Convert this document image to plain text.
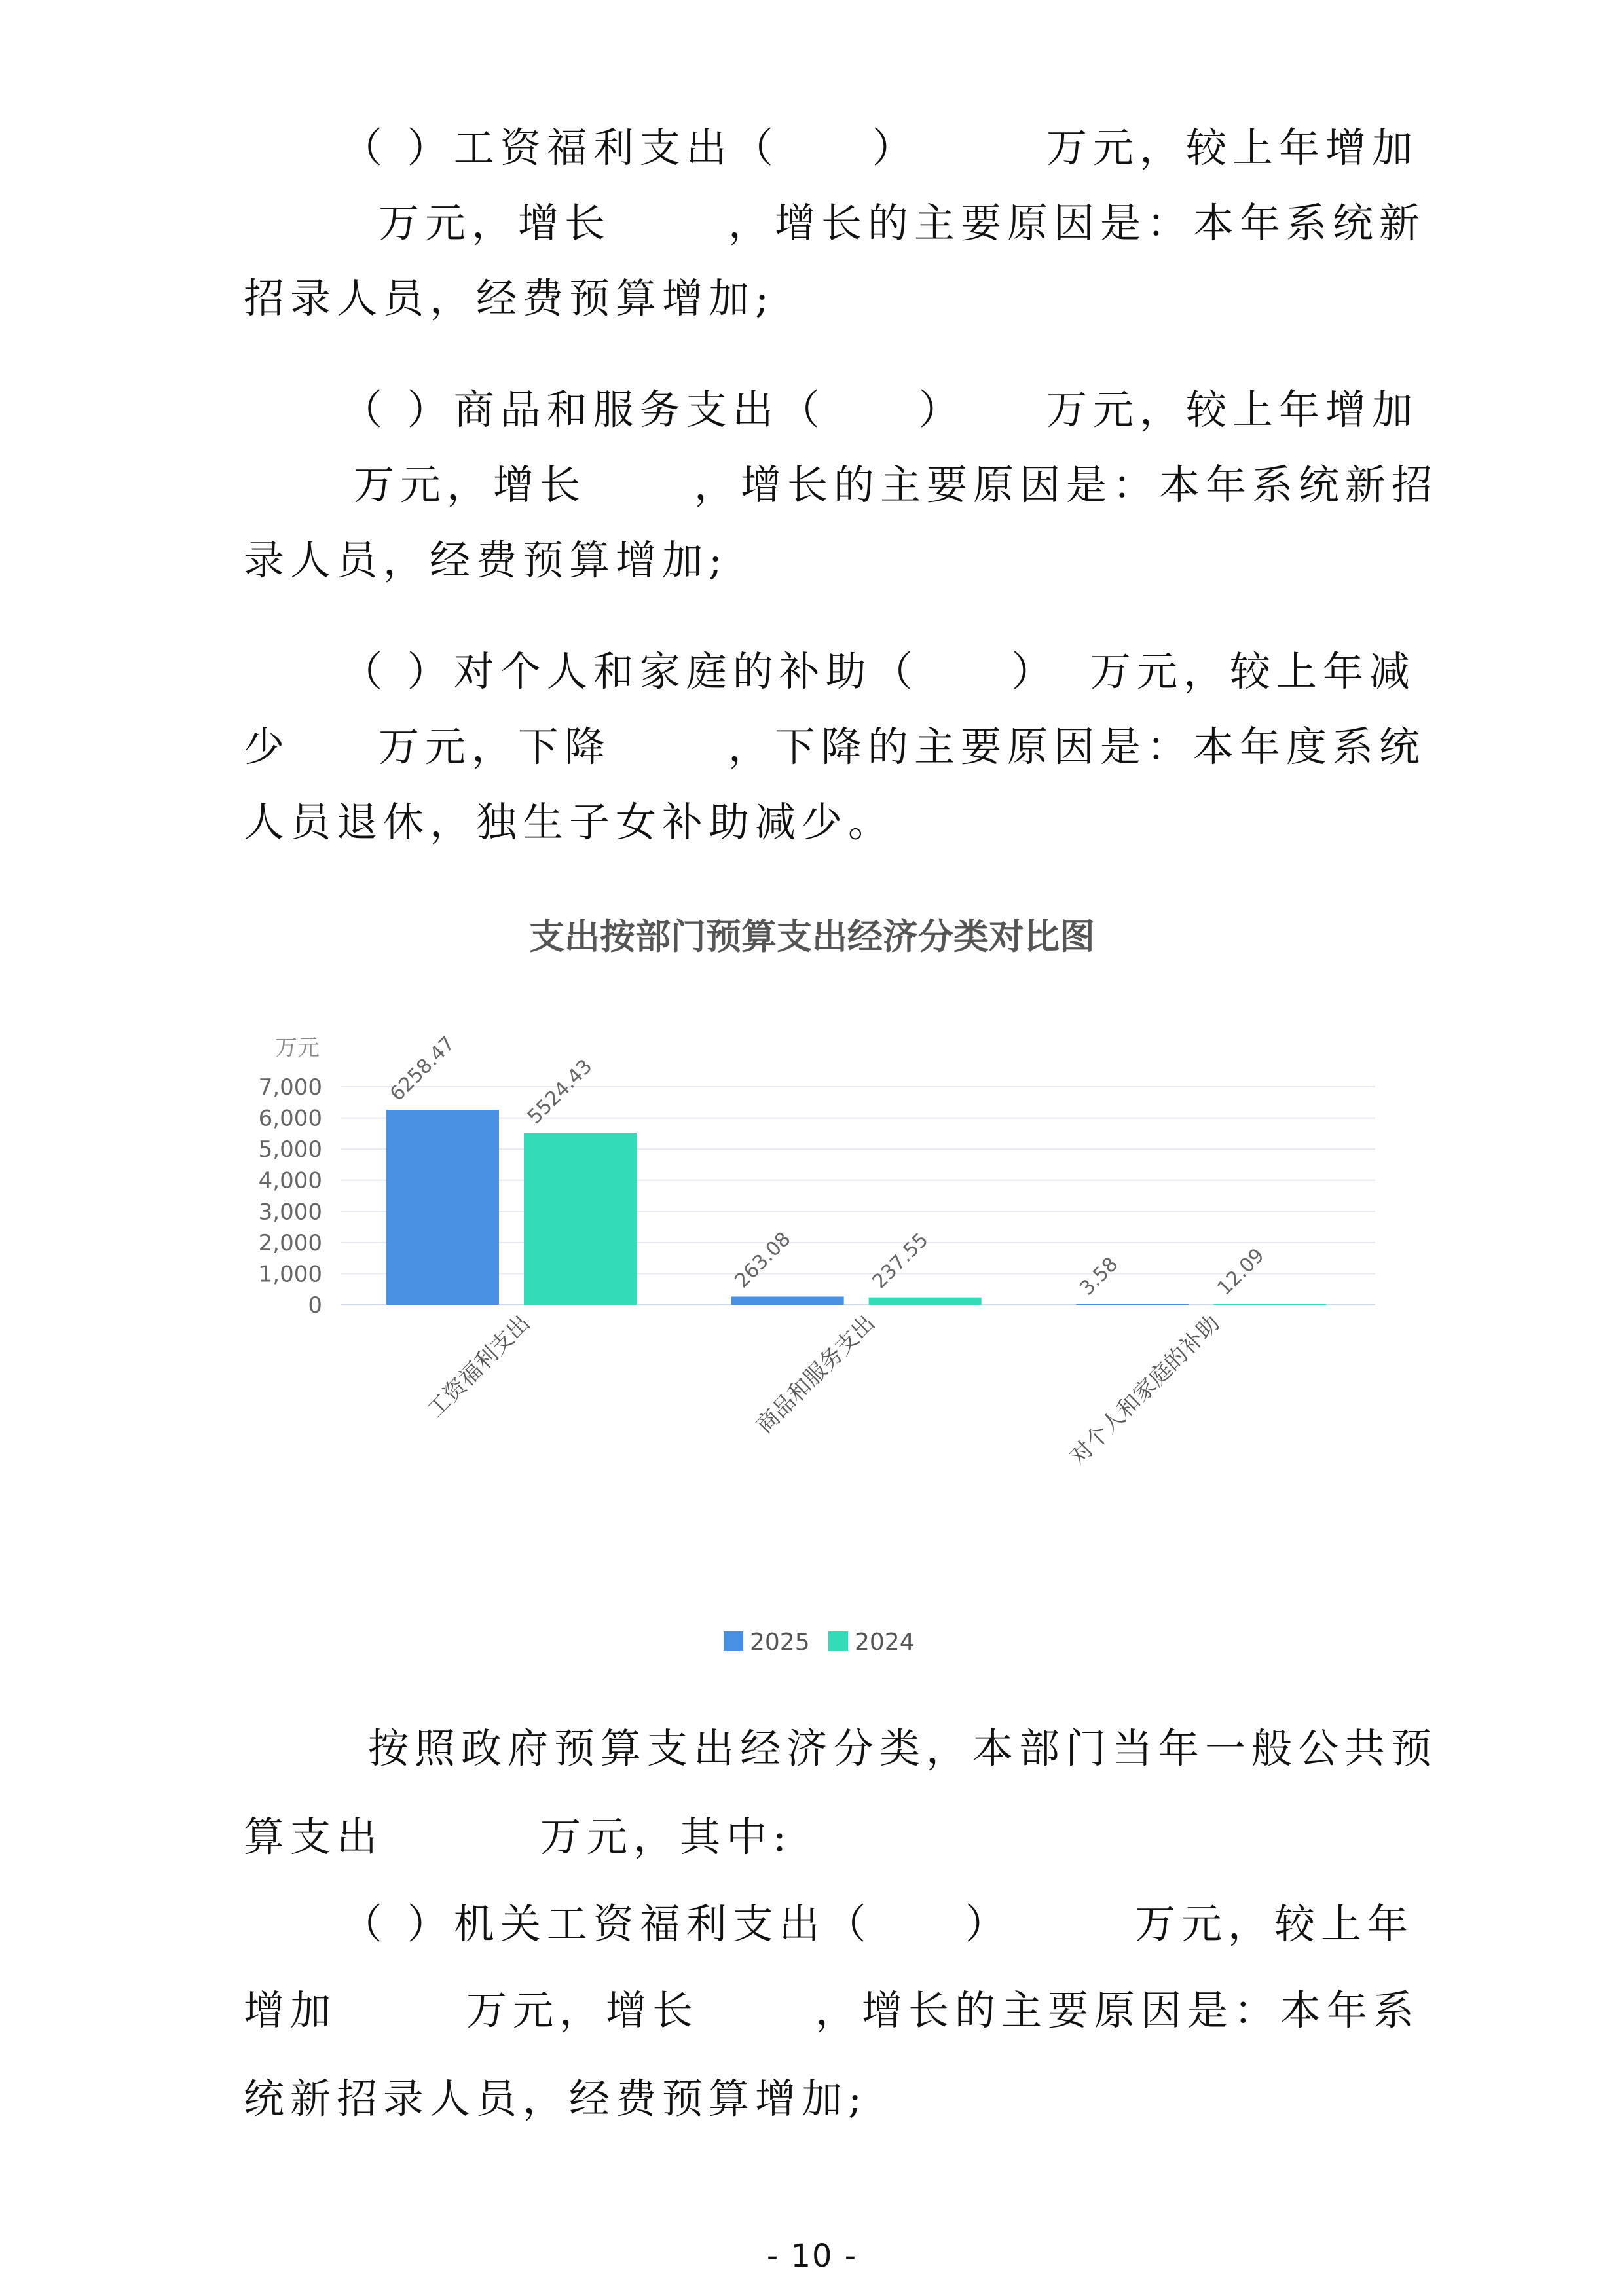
（ ）工资福利支出（　　）	万元，较上年增加
万元，增长	，增长的主要原因是：本年系统新
招录人员，经费预算增加;
（ ）商品和服务支出（　　） 万元，较上年增加
万元，增长	，增长的主要原因是：本年系统新招
录人员，经费预算增加;
（ ）对个人和家庭的补助（　　） 万元，较上年减
少 万元，下降	，下降的主要原因是：本年度系统
人员退休，独生子女补助减少。
支出按部门预算支出经济分类对比图
万元
0
1,000
2,000
3,000
4,000
5,000
6,000
7,000	6258.47	5524.43
工资福利支出
263.08	237.55
商品和服务支出
3.58	12.09
对个人和家庭的补助
2025 2024
按照政府预算支出经济分类，本部门当年一般公共预
算支出	万元，其中:
（ ）机关工资福利支出（　　）	万元，较上年
增加	万元，增长	，增长的主要原因是：本年系
统新招录人员，经费预算增加;
- 10 -
